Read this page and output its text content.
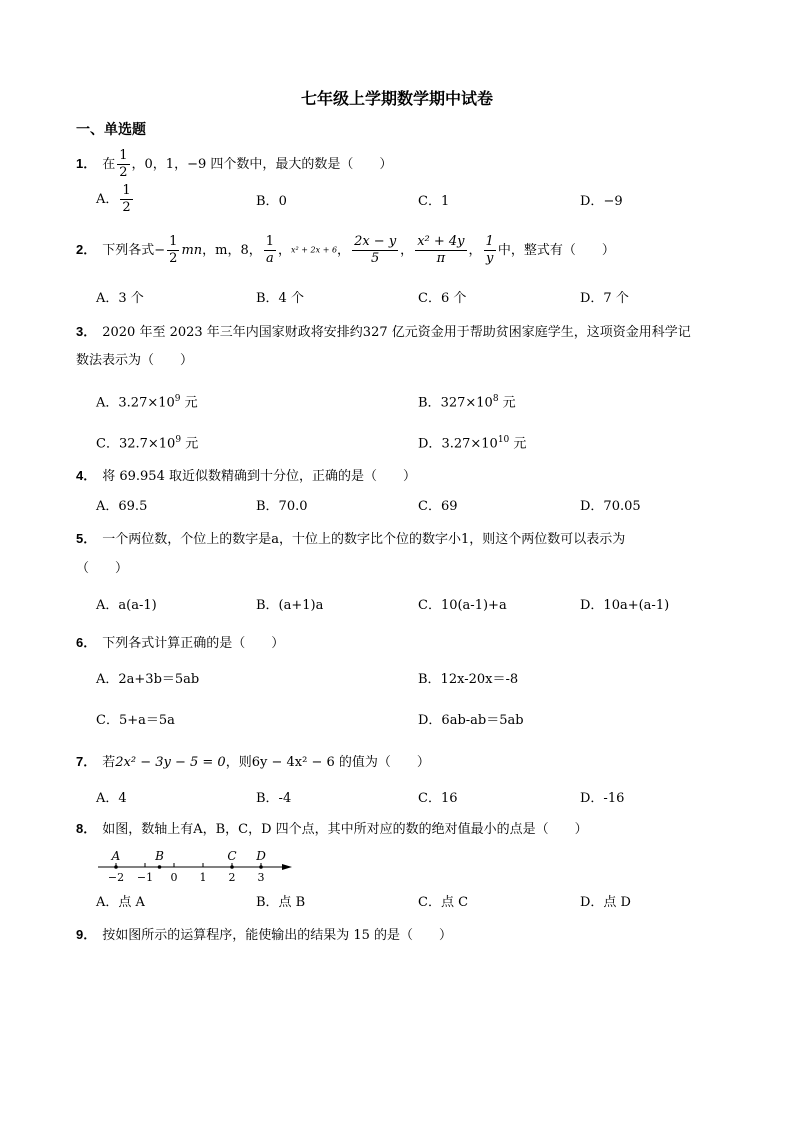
七年级上学期数学期中试卷
一、单选题
1． 在 $\frac{1}{2}$ ，0，1，−9 四个数中，最大的数是（　　）
A． $\frac{1}{2}$	B．0	C．1	D．−9
2． 下列各式− $\frac{1}{2}$ mn，m，8， $\frac{1}{a}$ ，x² + 2x + 6， $\frac{2x - y}{5}$ ， $\frac{\text{x² + 4y}}{\pi}$ ， $\frac{1}{y}$ 中，整式有（　　）
A．3 个	B．4 个	C．6 个	D．7 个
3． 2020 年至 2023 年三年内国家财政将安排约327 亿元资金用于帮助贫困家庭学生，这项资金用科学记
数法表示为（　　）
A．$3.27\times 10^9$ 元	B．$327\times 10^8$ 元
C．$32.7\times 10^9$ 元	D．$3.27\times 10^{10}$ 元
4． 将 69.954 取近似数精确到十分位，正确的是（　　）
A．69.5	B．70.0	C．69	D．70.05
5． 一个两位数，个位上的数字是a，十位上的数字比个位的数字小1，则这个两位数可以表示为
（　　）
A．a(a-1)	B．(a+1)a	C．10(a-1)+a	D．10a+(a-1)
6． 下列各式计算正确的是（　　）
A．2a+3b＝5ab	B．12x-20x＝-8
C．5+a＝5a	D．6ab-ab＝5ab
7． 若2x² − 3y − 5 = 0，则6y − 4x² − 6 的值为（　　）
A．4	B．-4	C．16	D．-16
8． 如图，数轴上有A，B，C，D 四个点，其中所对应的数的绝对值最小的点是（　　）
−2 −1 0 1 2 3
A	B	C D
A．点 A	B．点 B	C．点 C	D．点 D
9． 按如图所示的运算程序，能使输出的结果为 15 的是（　　）
